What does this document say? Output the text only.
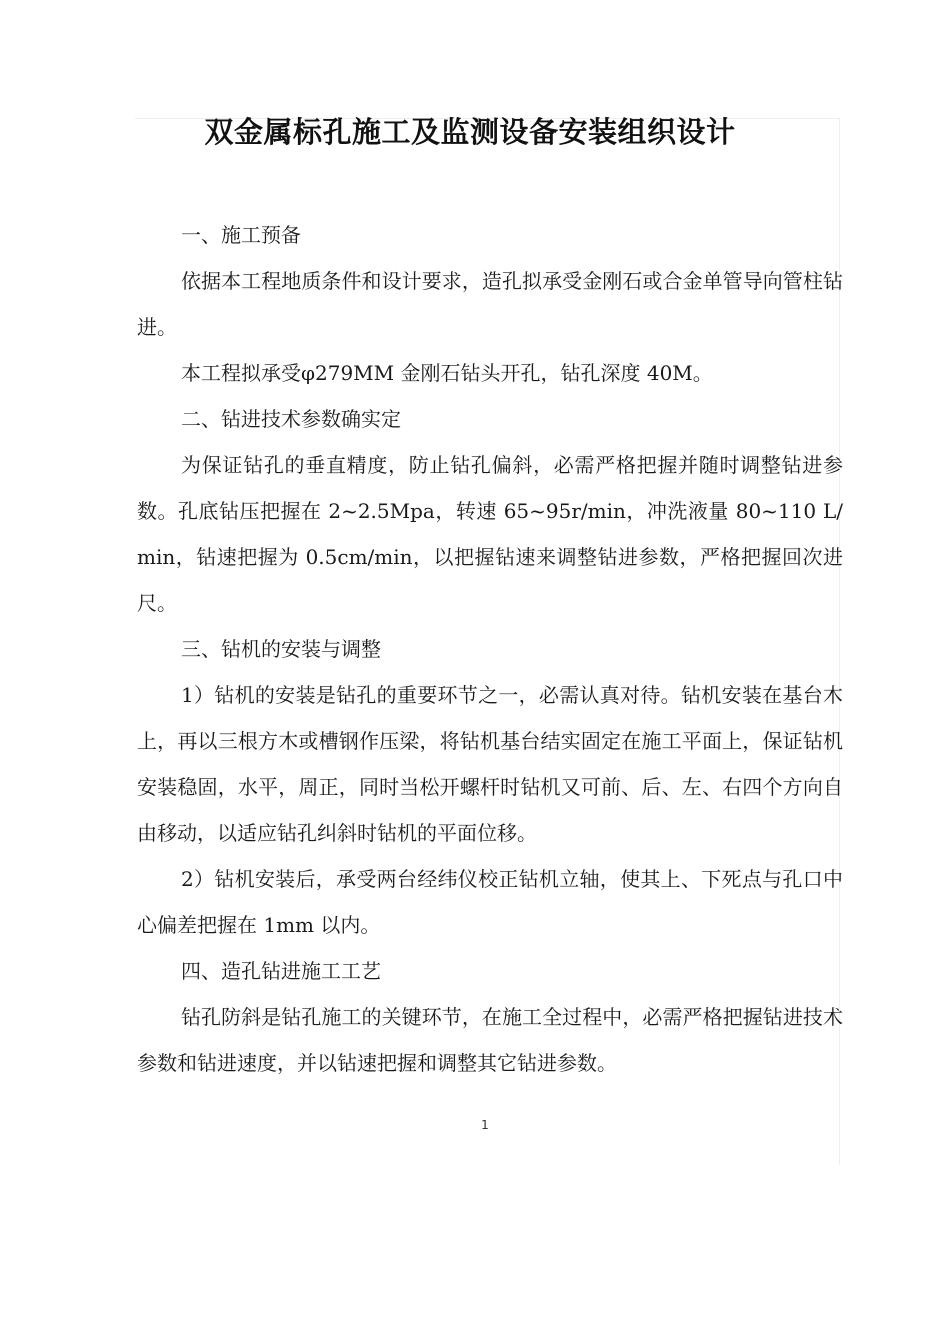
双金属标孔施工及监测设备安装组织设计

一、施工预备

依据本工程地质条件和设计要求，造孔拟承受金刚石或合金单管导向管柱钻进。

本工程拟承受φ279MM 金刚石钻头开孔，钻孔深度 40M。

二、钻进技术参数确实定

为保证钻孔的垂直精度，防止钻孔偏斜，必需严格把握并随时调整钻进参数。孔底钻压把握在 2~2.5Mpa，转速 65~95r/min，冲洗液量 80~110 L/min，钻速把握为 0.5cm/min，以把握钻速来调整钻进参数，严格把握回次进尺。

三、钻机的安装与调整

1）钻机的安装是钻孔的重要环节之一，必需认真对待。钻机安装在基台木上，再以三根方木或槽钢作压梁，将钻机基台结实固定在施工平面上，保证钻机安装稳固，水平，周正，同时当松开螺杆时钻机又可前、后、左、右四个方向自由移动，以适应钻孔纠斜时钻机的平面位移。

2）钻机安装后，承受两台经纬仪校正钻机立轴，使其上、下死点与孔口中心偏差把握在 1mm 以内。

四、造孔钻进施工工艺

钻孔防斜是钻孔施工的关键环节，在施工全过程中，必需严格把握钻进技术参数和钻进速度，并以钻速把握和调整其它钻进参数。

1
